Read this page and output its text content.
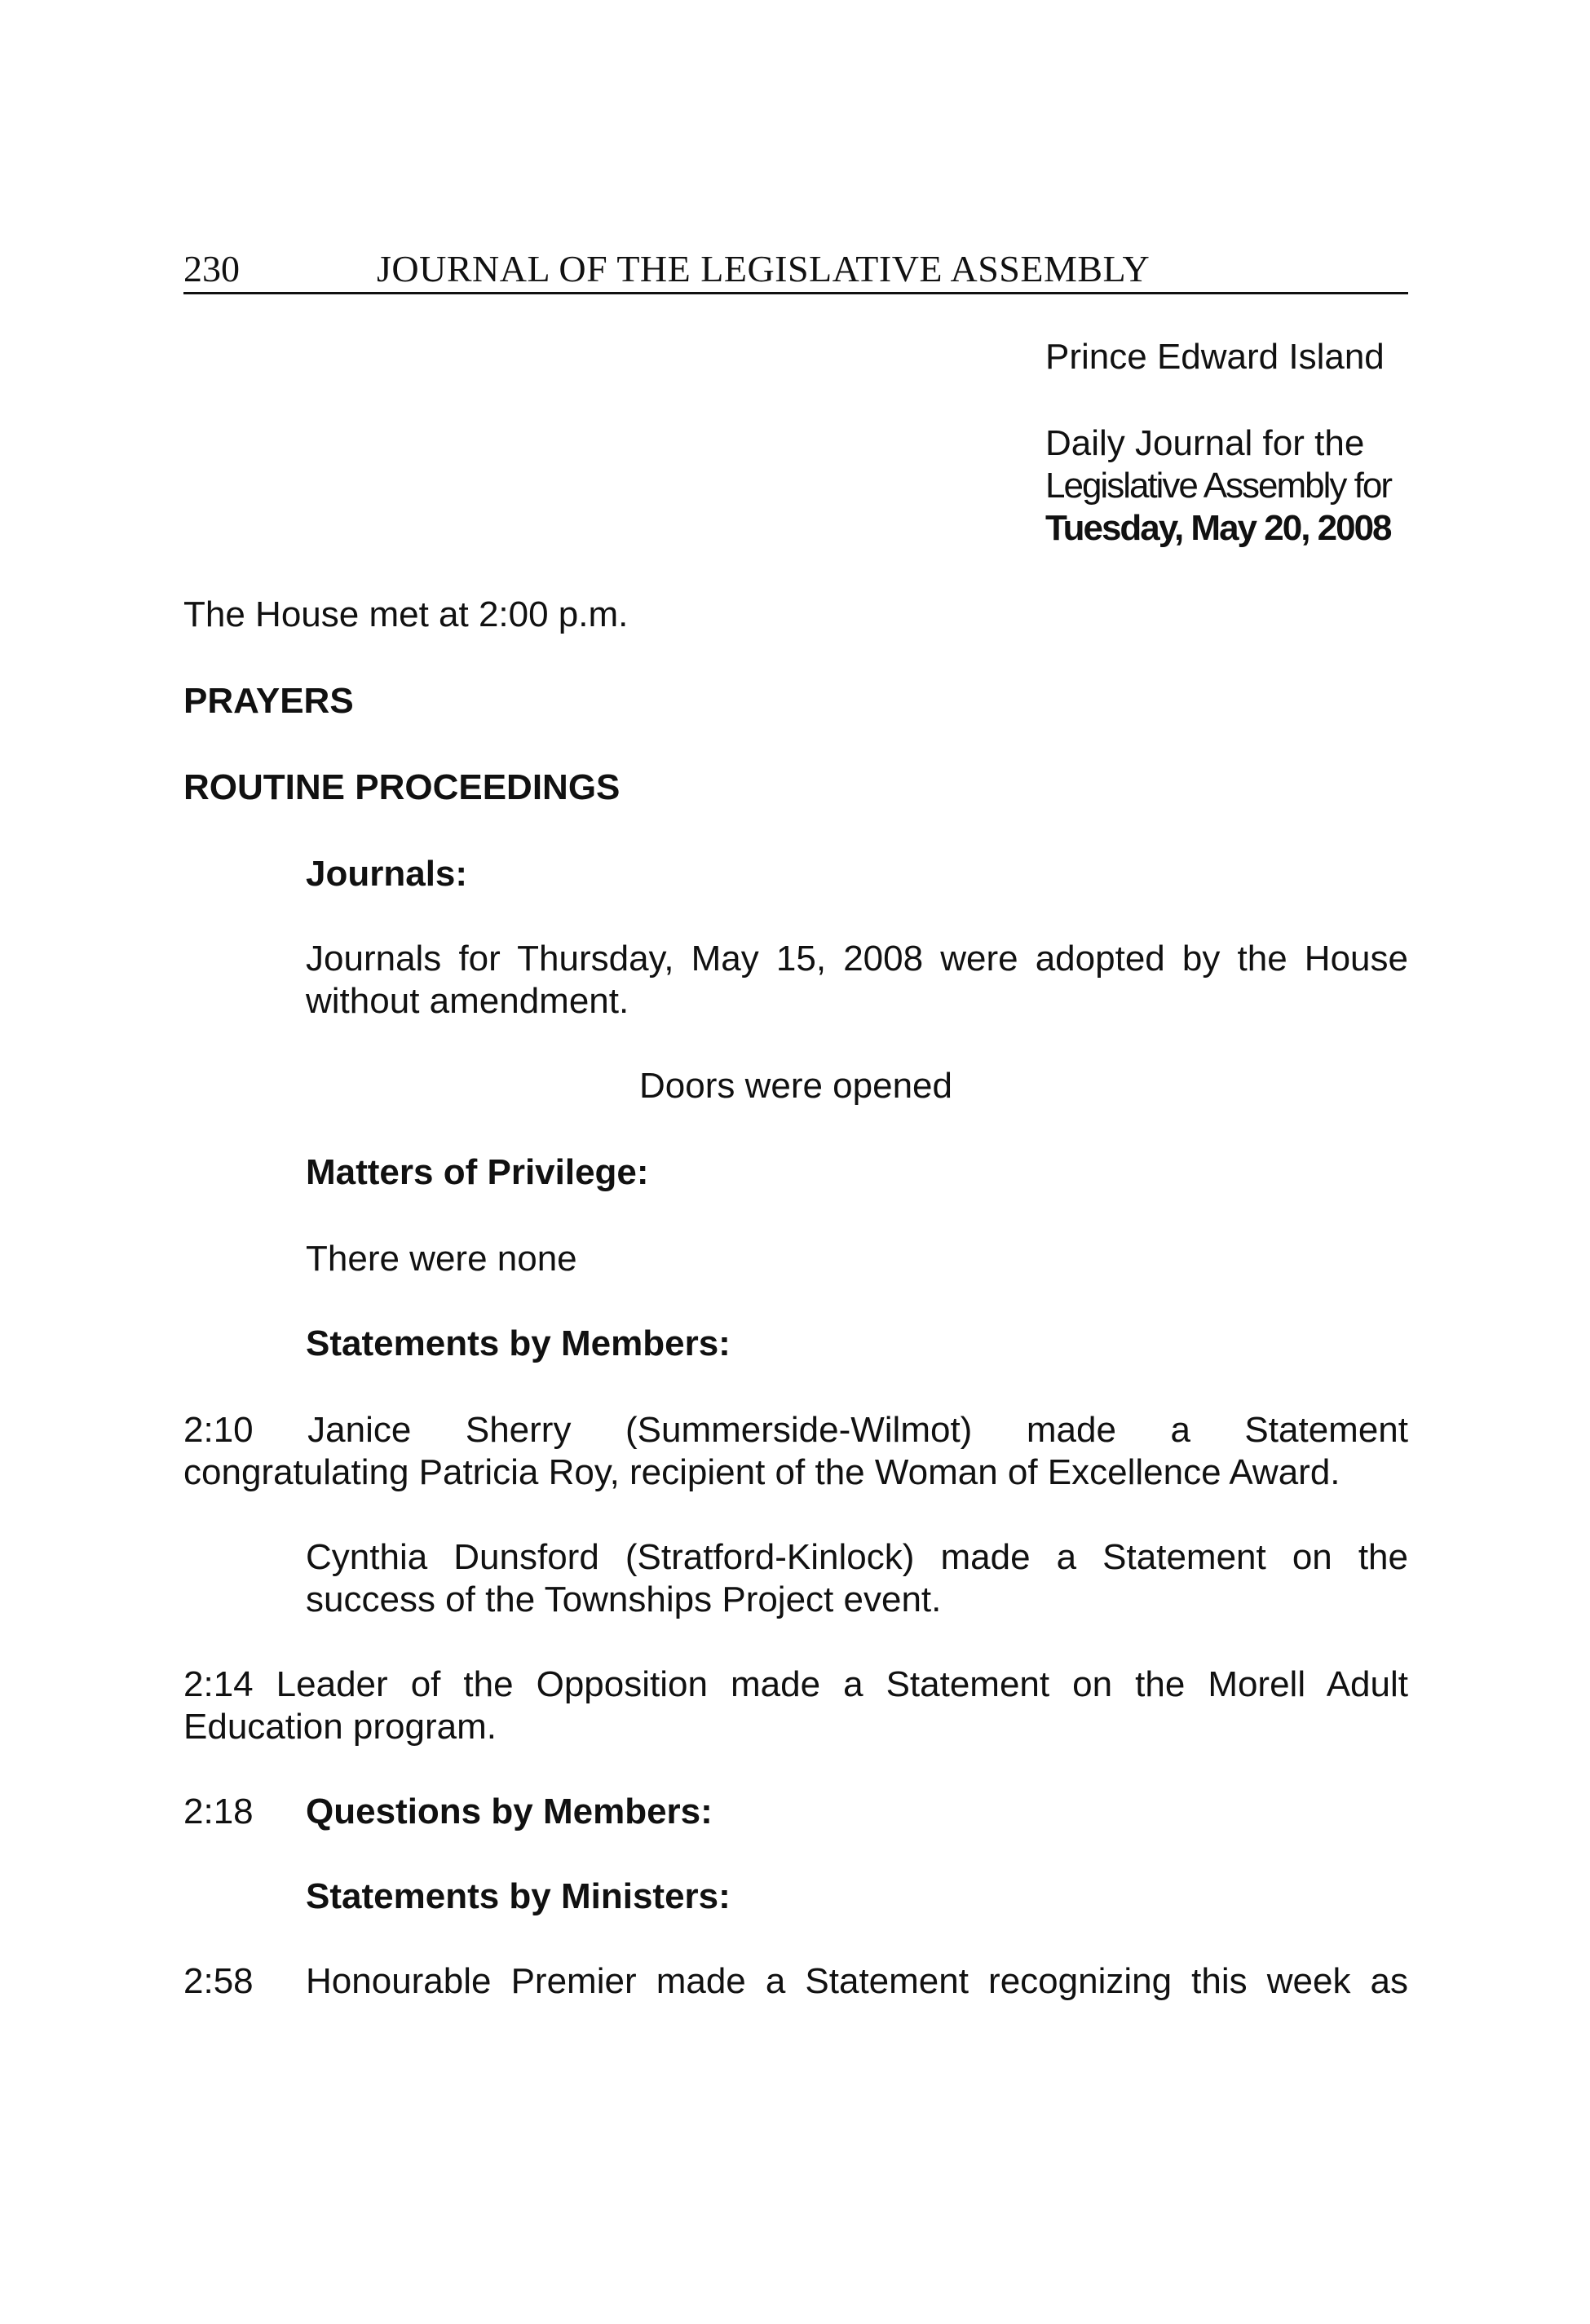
230	JOURNAL OF THE LEGISLATIVE ASSEMBLY
Prince Edward Island
Daily Journal for the
Legislative Assembly for
Tuesday, May 20, 2008
The House met at 2:00 p.m.
PRAYERS
ROUTINE PROCEEDINGS
Journals:
Journals for Thursday, May 15, 2008 were adopted by the House without amendment.
Doors were opened
Matters of Privilege:
There were none
Statements by Members:
2:10 Janice Sherry (Summerside-Wilmot) made a Statement
congratulating Patricia Roy, recipient of the Woman of Excellence Award.
Cynthia Dunsford (Stratford-Kinlock) made a Statement on the success of the Townships Project event.
2:14 Leader of the Opposition made a Statement on the Morell Adult
Education program.
2:18 Questions by Members:
Statements by Ministers:
2:58 Honourable Premier made a Statement recognizing this week as
